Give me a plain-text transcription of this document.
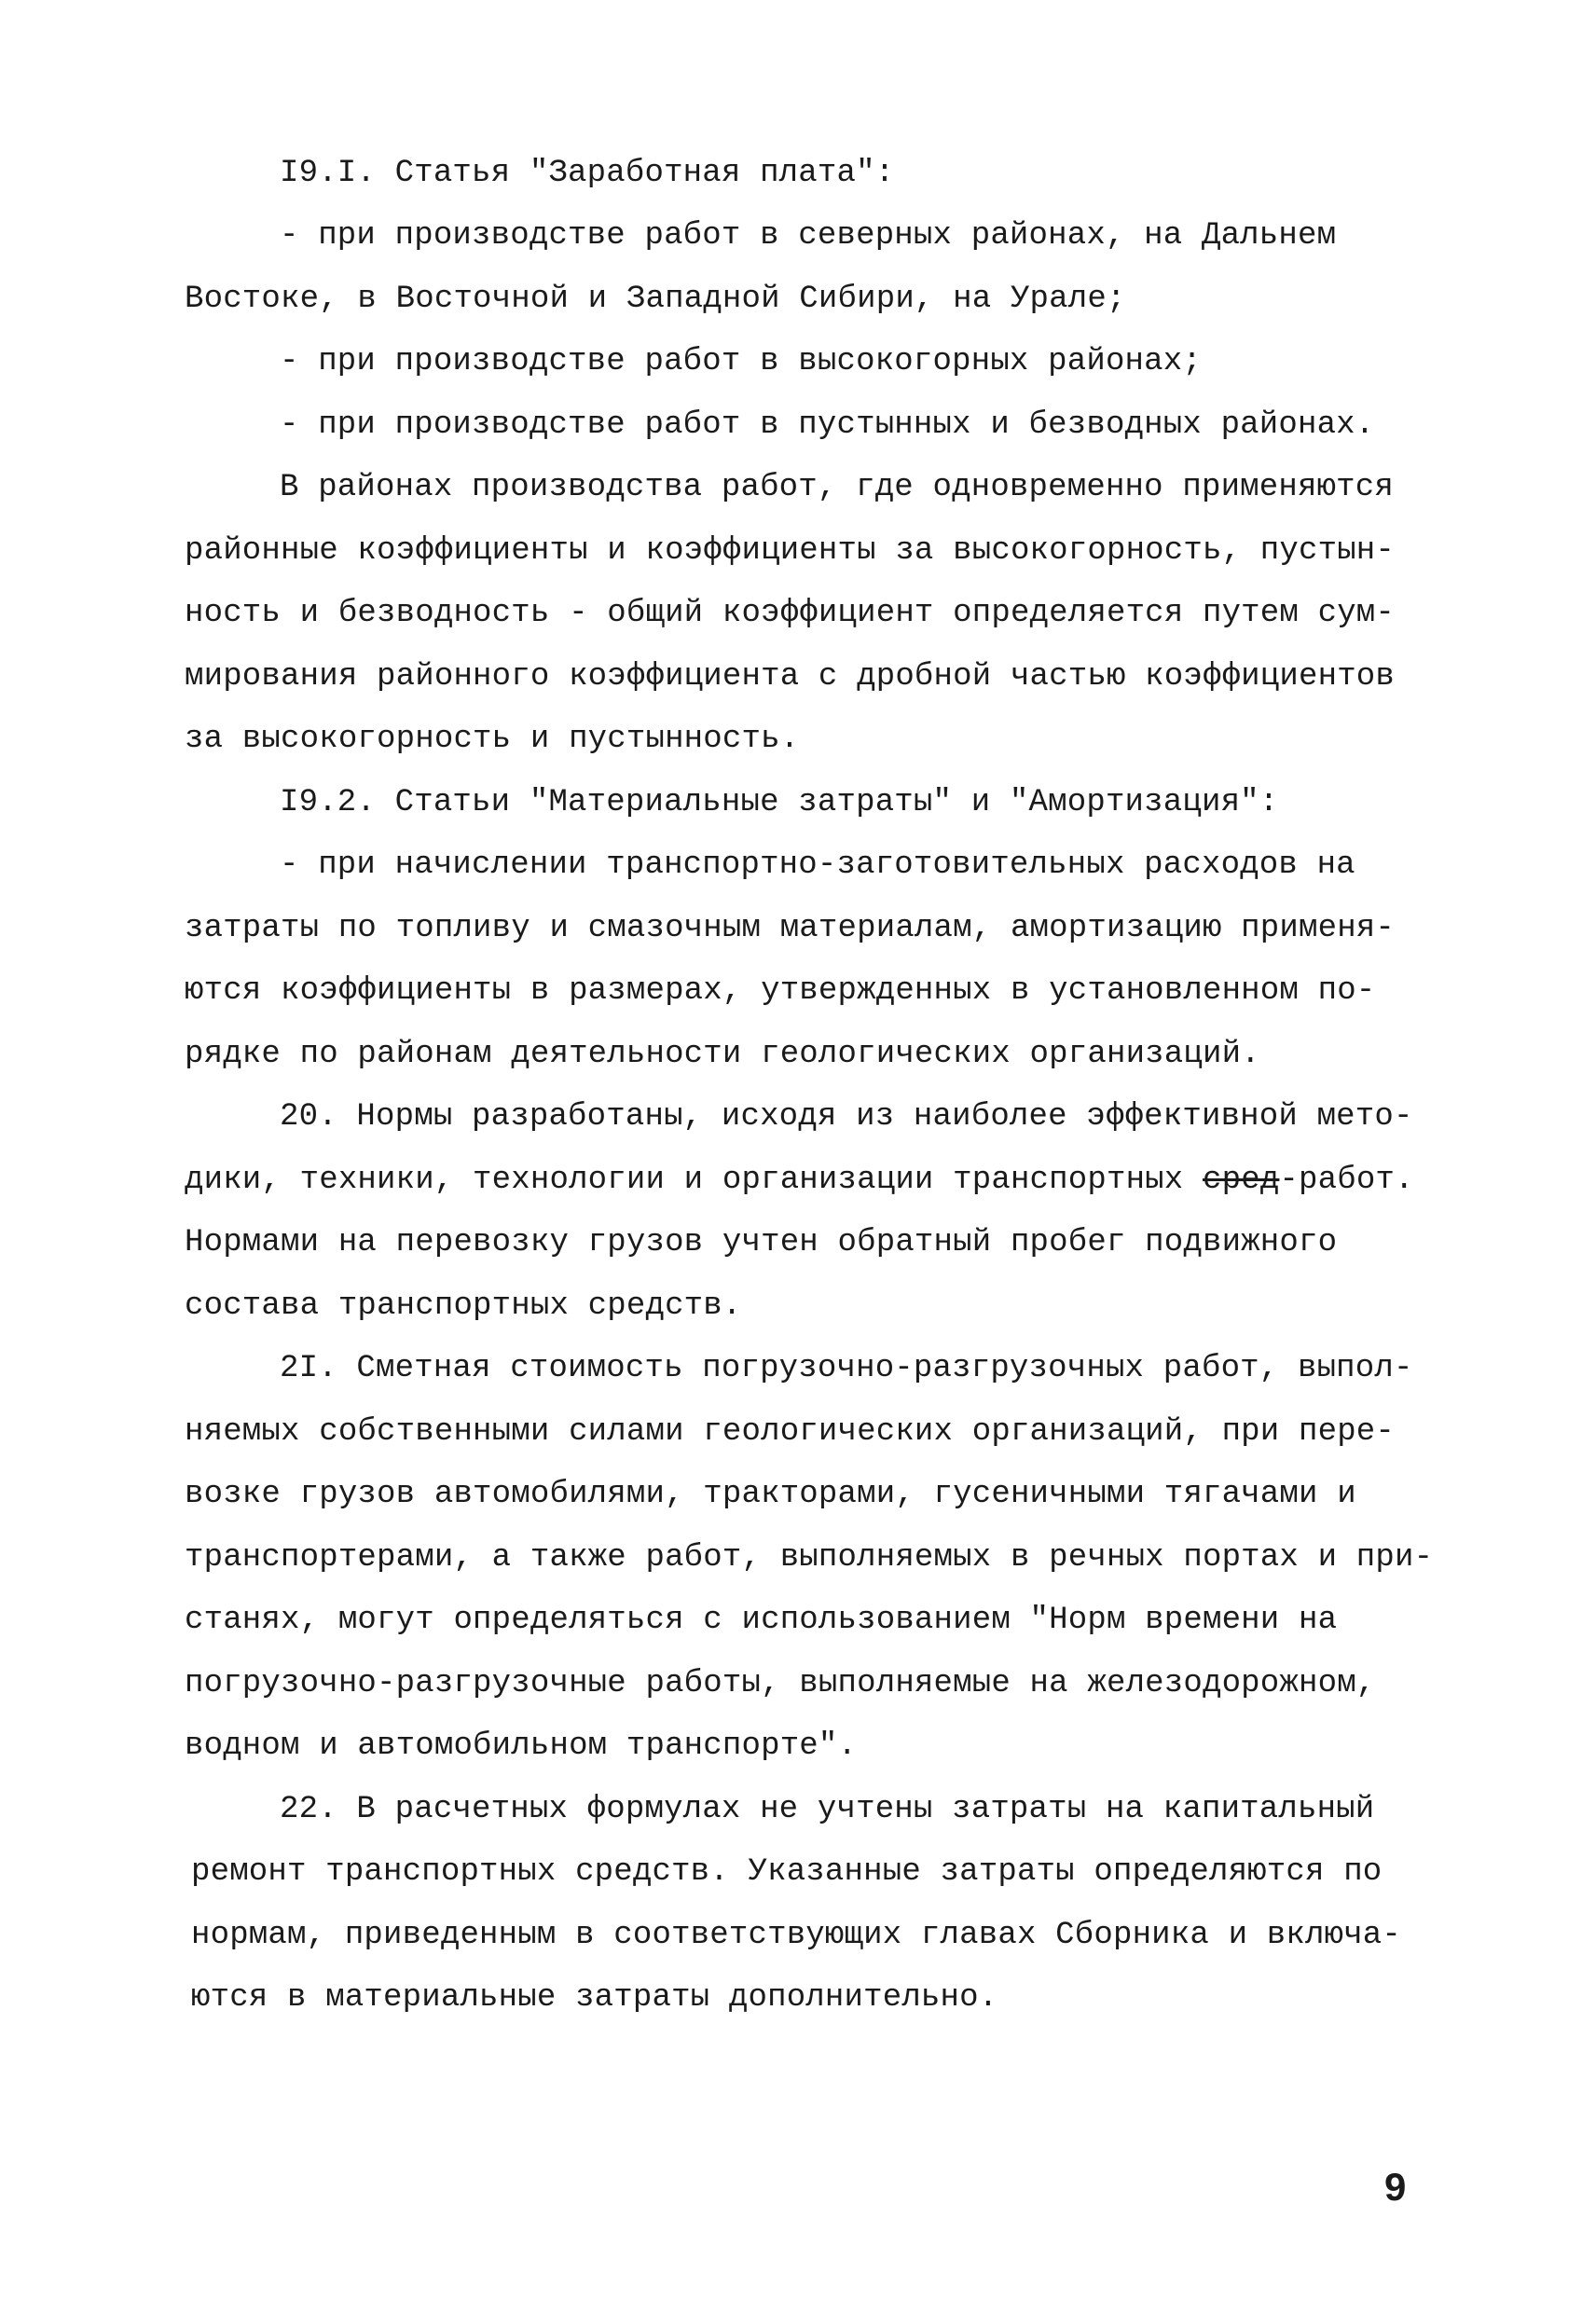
I9.I. Статья "Заработная плата":
- при производстве работ в северных районах, на Дальнем
Востоке, в Восточной и Западной Сибири, на Урале;
- при производстве работ в высокогорных районах;
- при производстве работ в пустынных и безводных районах.
В районах производства работ, где одновременно применяются
районные коэффициенты и коэффициенты за высокогорность, пустын-
ность и безводность - общий коэффициент определяется путем сум-
мирования районного коэффициента с дробной частью коэффициентов
за высокогорность и пустынность.
I9.2. Статьи "Материальные затраты" и "Амортизация":
- при начислении транспортно-заготовительных расходов на
затраты по топливу и смазочным материалам, амортизацию применя-
ются коэффициенты в размерах, утвержденных в установленном по-
рядке по районам деятельности геологических организаций.
20. Нормы разработаны, исходя из наиболее эффективной мето-
дики, техники, технологии и организации транспортных сред-работ.
Нормами на перевозку грузов учтен обратный пробег подвижного
состава транспортных средств.
2I. Сметная стоимость погрузочно-разгрузочных работ, выпол-
няемых собственными силами геологических организаций, при пере-
возке грузов автомобилями, тракторами, гусеничными тягачами и
транспортерами, а также работ, выполняемых в речных портах и при-
станях, могут определяться с использованием "Норм времени на
погрузочно-разгрузочные работы, выполняемые на железодорожном,
водном и автомобильном транспорте".
22. В расчетных формулах не учтены затраты на капитальный
ремонт транспортных средств. Указанные затраты определяются по
нормам, приведенным в соответствующих главах Сборника и включа-
ются в материальные затраты дополнительно.
9
